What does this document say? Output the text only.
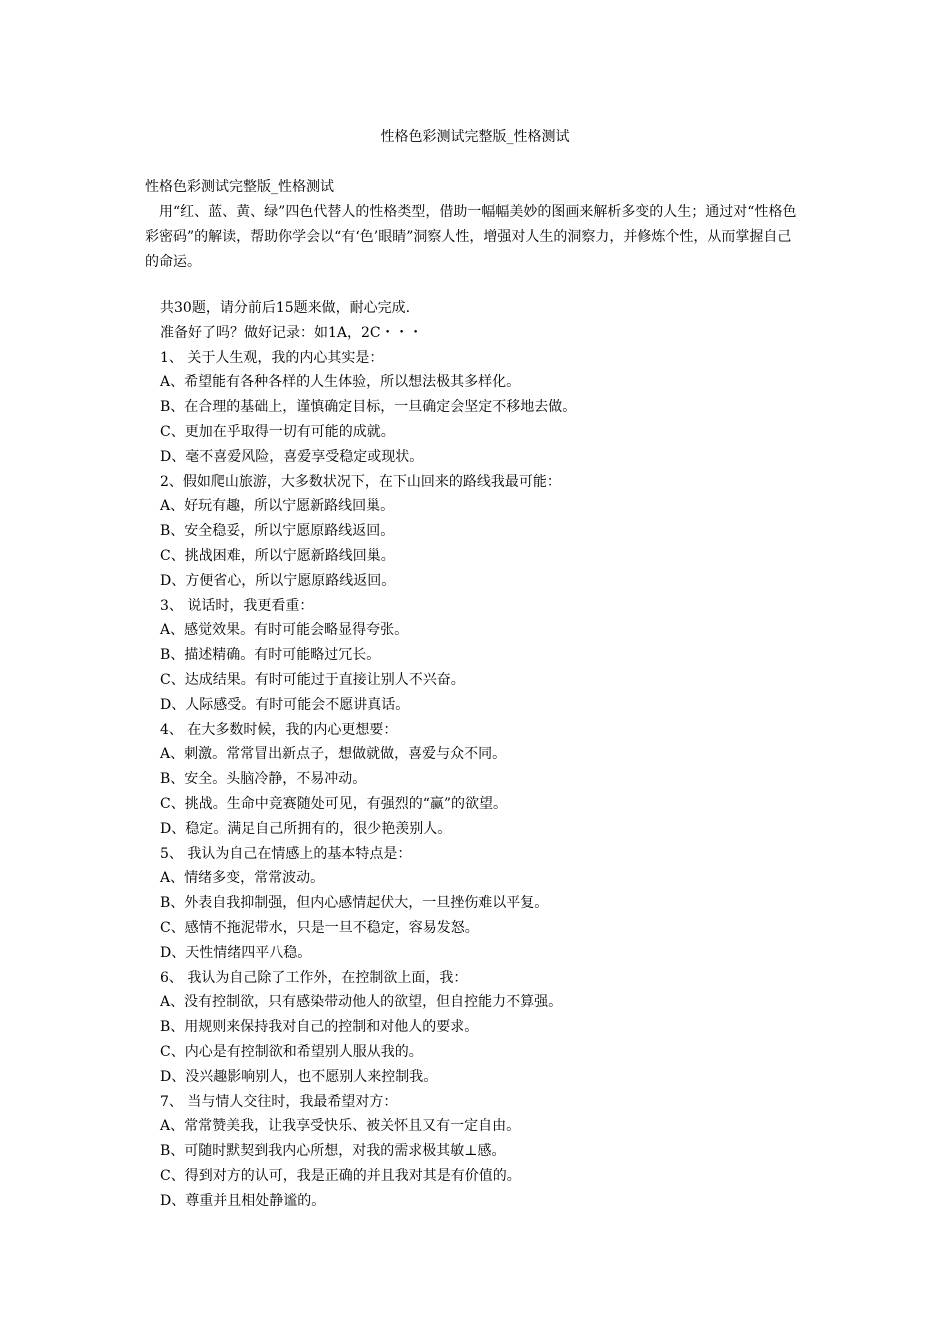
性格色彩测试完整版_性格测试
性格色彩测试完整版_性格测试

用“红、蓝、黄、绿”四色代替人的性格类型，借助一幅幅美妙的图画来解析多变的人生；通过对“性格色彩密码”的解读，帮助你学会以“有‘色’眼睛”洞察人性，增强对人生的洞察力，并修炼个性，从而掌握自己的命运。

共30题，请分前后15题来做，耐心完成.
准备好了吗？做好记录：如1A，2C・・・
1、 关于人生观，我的内心其实是：
A、希望能有各种各样的人生体验，所以想法极其多样化。
B、在合理的基础上，谨慎确定目标，一旦确定会坚定不移地去做。
C、更加在乎取得一切有可能的成就。
D、毫不喜爱风险，喜爱享受稳定或现状。
2、假如爬山旅游，大多数状况下，在下山回来的路线我最可能：
A、好玩有趣，所以宁愿新路线回巢。
B、安全稳妥，所以宁愿原路线返回。
C、挑战困难，所以宁愿新路线回巢。
D、方便省心，所以宁愿原路线返回。
3、 说话时，我更看重：
A、感觉效果。有时可能会略显得夸张。
B、描述精确。有时可能略过冗长。
C、达成结果。有时可能过于直接让别人不兴奋。
D、人际感受。有时可能会不愿讲真话。
4、 在大多数时候，我的内心更想要：
A、刺激。常常冒出新点子，想做就做，喜爱与众不同。
B、安全。头脑冷静，不易冲动。
C、挑战。生命中竞赛随处可见，有强烈的“赢”的欲望。
D、稳定。满足自己所拥有的，很少艳羡别人。
5、 我认为自己在情感上的基本特点是：
A、情绪多变，常常波动。
B、外表自我抑制强，但内心感情起伏大，一旦挫伤难以平复。
C、感情不拖泥带水，只是一旦不稳定，容易发怒。
D、天性情绪四平八稳。
6、 我认为自己除了工作外，在控制欲上面，我：
A、没有控制欲，只有感染带动他人的欲望，但自控能力不算强。
B、用规则来保持我对自己的控制和对他人的要求。
C、内心是有控制欲和希望别人服从我的。
D、没兴趣影响别人，也不愿别人来控制我。
7、 当与情人交往时，我最希望对方：
A、常常赞美我，让我享受快乐、被关怀且又有一定自由。
B、可随时默契到我内心所想，对我的需求极其敏⊥感。
C、得到对方的认可，我是正确的并且我对其是有价值的。
D、尊重并且相处静谧的。
